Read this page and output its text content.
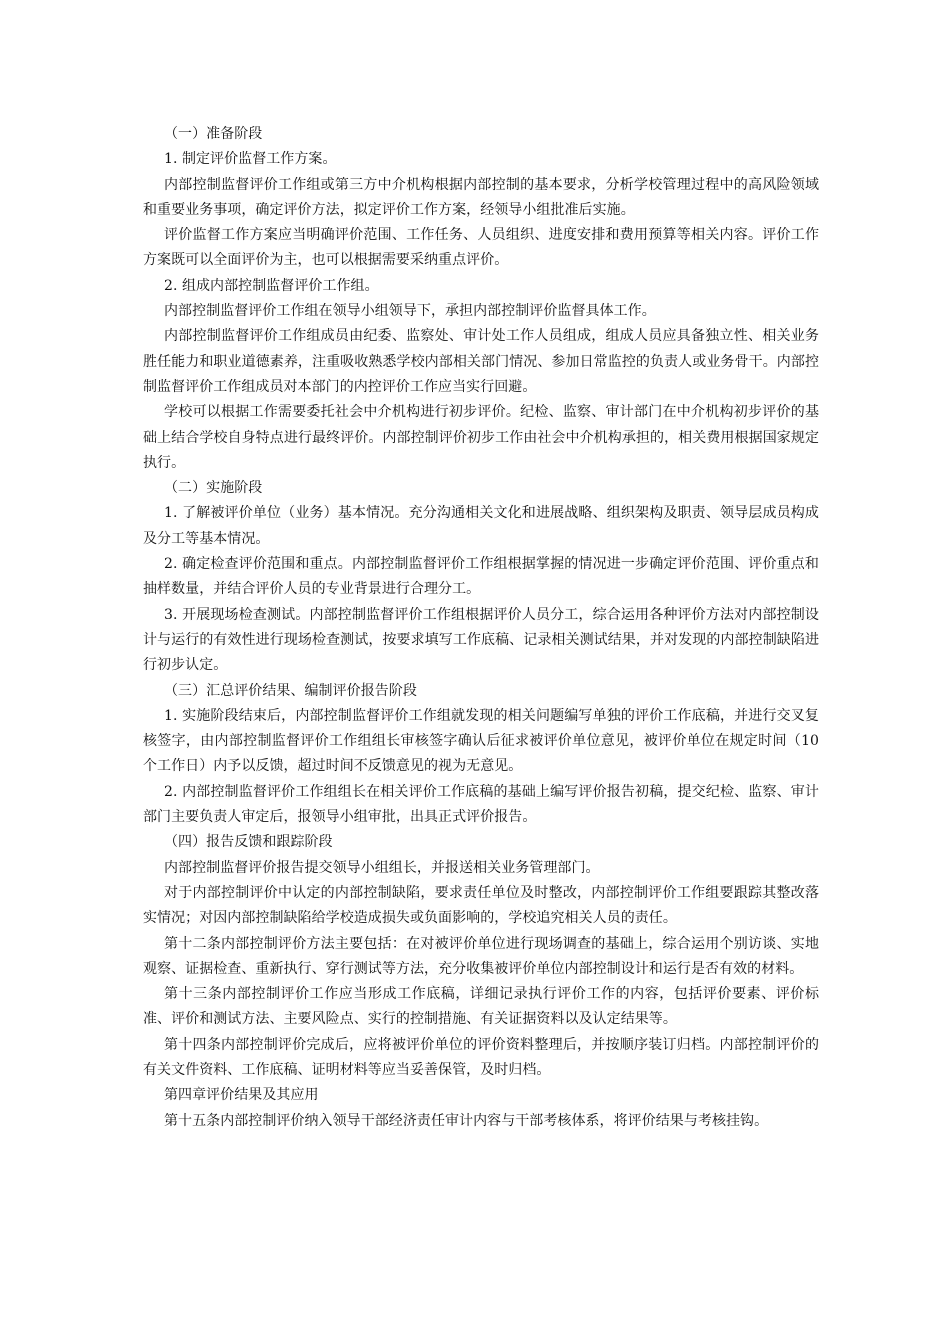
（一）准备阶段

1. 制定评价监督工作方案。

内部控制监督评价工作组或第三方中介机构根据内部控制的基本要求，分析学校管理过程中的高风险领域和重要业务事项，确定评价方法，拟定评价工作方案，经领导小组批准后实施。

评价监督工作方案应当明确评价范围、工作任务、人员组织、进度安排和费用预算等相关内容。评价工作方案既可以全面评价为主，也可以根据需要采纳重点评价。

2. 组成内部控制监督评价工作组。

内部控制监督评价工作组在领导小组领导下，承担内部控制评价监督具体工作。

内部控制监督评价工作组成员由纪委、监察处、审计处工作人员组成，组成人员应具备独立性、相关业务胜任能力和职业道德素养，注重吸收熟悉学校内部相关部门情况、参加日常监控的负责人或业务骨干。内部控制监督评价工作组成员对本部门的内控评价工作应当实行回避。

学校可以根据工作需要委托社会中介机构进行初步评价。纪检、监察、审计部门在中介机构初步评价的基础上结合学校自身特点进行最终评价。内部控制评价初步工作由社会中介机构承担的，相关费用根据国家规定执行。

（二）实施阶段

1. 了解被评价单位（业务）基本情况。充分沟通相关文化和进展战略、组织架构及职责、领导层成员构成及分工等基本情况。

2. 确定检查评价范围和重点。内部控制监督评价工作组根据掌握的情况进一步确定评价范围、评价重点和抽样数量，并结合评价人员的专业背景进行合理分工。

3. 开展现场检查测试。内部控制监督评价工作组根据评价人员分工，综合运用各种评价方法对内部控制设计与运行的有效性进行现场检查测试，按要求填写工作底稿、记录相关测试结果，并对发现的内部控制缺陷进行初步认定。

（三）汇总评价结果、编制评价报告阶段

1. 实施阶段结束后，内部控制监督评价工作组就发现的相关问题编写单独的评价工作底稿，并进行交叉复核签字，由内部控制监督评价工作组组长审核签字确认后征求被评价单位意见，被评价单位在规定时间（10个工作日）内予以反馈，超过时间不反馈意见的视为无意见。

2. 内部控制监督评价工作组组长在相关评价工作底稿的基础上编写评价报告初稿，提交纪检、监察、审计部门主要负责人审定后，报领导小组审批，出具正式评价报告。

（四）报告反馈和跟踪阶段

内部控制监督评价报告提交领导小组组长，并报送相关业务管理部门。

对于内部控制评价中认定的内部控制缺陷，要求责任单位及时整改，内部控制评价工作组要跟踪其整改落实情况；对因内部控制缺陷给学校造成损失或负面影响的，学校追究相关人员的责任。

第十二条内部控制评价方法主要包括：在对被评价单位进行现场调查的基础上，综合运用个别访谈、实地观察、证据检查、重新执行、穿行测试等方法，充分收集被评价单位内部控制设计和运行是否有效的材料。

第十三条内部控制评价工作应当形成工作底稿，详细记录执行评价工作的内容，包括评价要素、评价标准、评价和测试方法、主要风险点、实行的控制措施、有关证据资料以及认定结果等。

第十四条内部控制评价完成后，应将被评价单位的评价资料整理后，并按顺序装订归档。内部控制评价的有关文件资料、工作底稿、证明材料等应当妥善保管，及时归档。

第四章评价结果及其应用

第十五条内部控制评价纳入领导干部经济责任审计内容与干部考核体系，将评价结果与考核挂钩。
